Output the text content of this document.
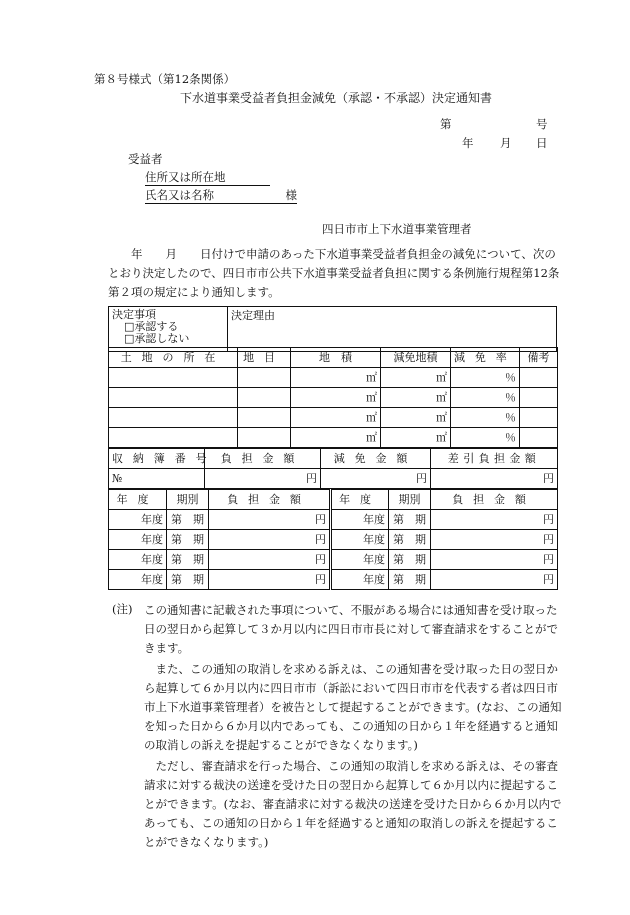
第８号様式（第12条関係）
下水道事業受益者負担金減免（承認・不承認）決定通知書
第	号
年 月 日
受益者
住所又は所在地
氏名又は名称	様
四日市市上下水道事業管理者
　　年　　月　　日付けで申請のあった下水道事業受益者負担金の減免について、次のとおり決定したので、四日市市公共下水道事業受益者負担に関する条例施行規程第12条第２項の規定により通知します。
決定事項
□承認する
□承認しない
	決定理由
土地の所在	地目	地　積	減免地積	減免率	備考
		㎡	㎡	％	
		㎡	㎡	％	
		㎡	㎡	％	
		㎡	㎡	％	
収納簿番号	負担金額	減免金額	差引負担金額
№	円	円	円
年度	期別	負担金額	年度	期別	負担金額
年度	第　期	円	年度	第　期	円
年度	第　期	円	年度	第　期	円
年度	第　期	円	年度	第　期	円
年度	第　期	円	年度	第　期	円
(注) この通知書に記載された事項について、不服がある場合には通知書を受け取った日の翌日から起算して３か月以内に四日市市長に対して審査請求をすることができます。
また、この通知の取消しを求める訴えは、この通知書を受け取った日の翌日から起算して６か月以内に四日市市（訴訟において四日市市を代表する者は四日市市上下水道事業管理者）を被告として提起することができます。(なお、この通知を知った日から６か月以内であっても、この通知の日から１年を経過すると通知の取消しの訴えを提起することができなくなります。)
ただし、審査請求を行った場合、この通知の取消しを求める訴えは、その審査請求に対する裁決の送達を受けた日の翌日から起算して６か月以内に提起することができます。(なお、審査請求に対する裁決の送達を受けた日から６か月以内であっても、この通知の日から１年を経過すると通知の取消しの訴えを提起することができなくなります。)
